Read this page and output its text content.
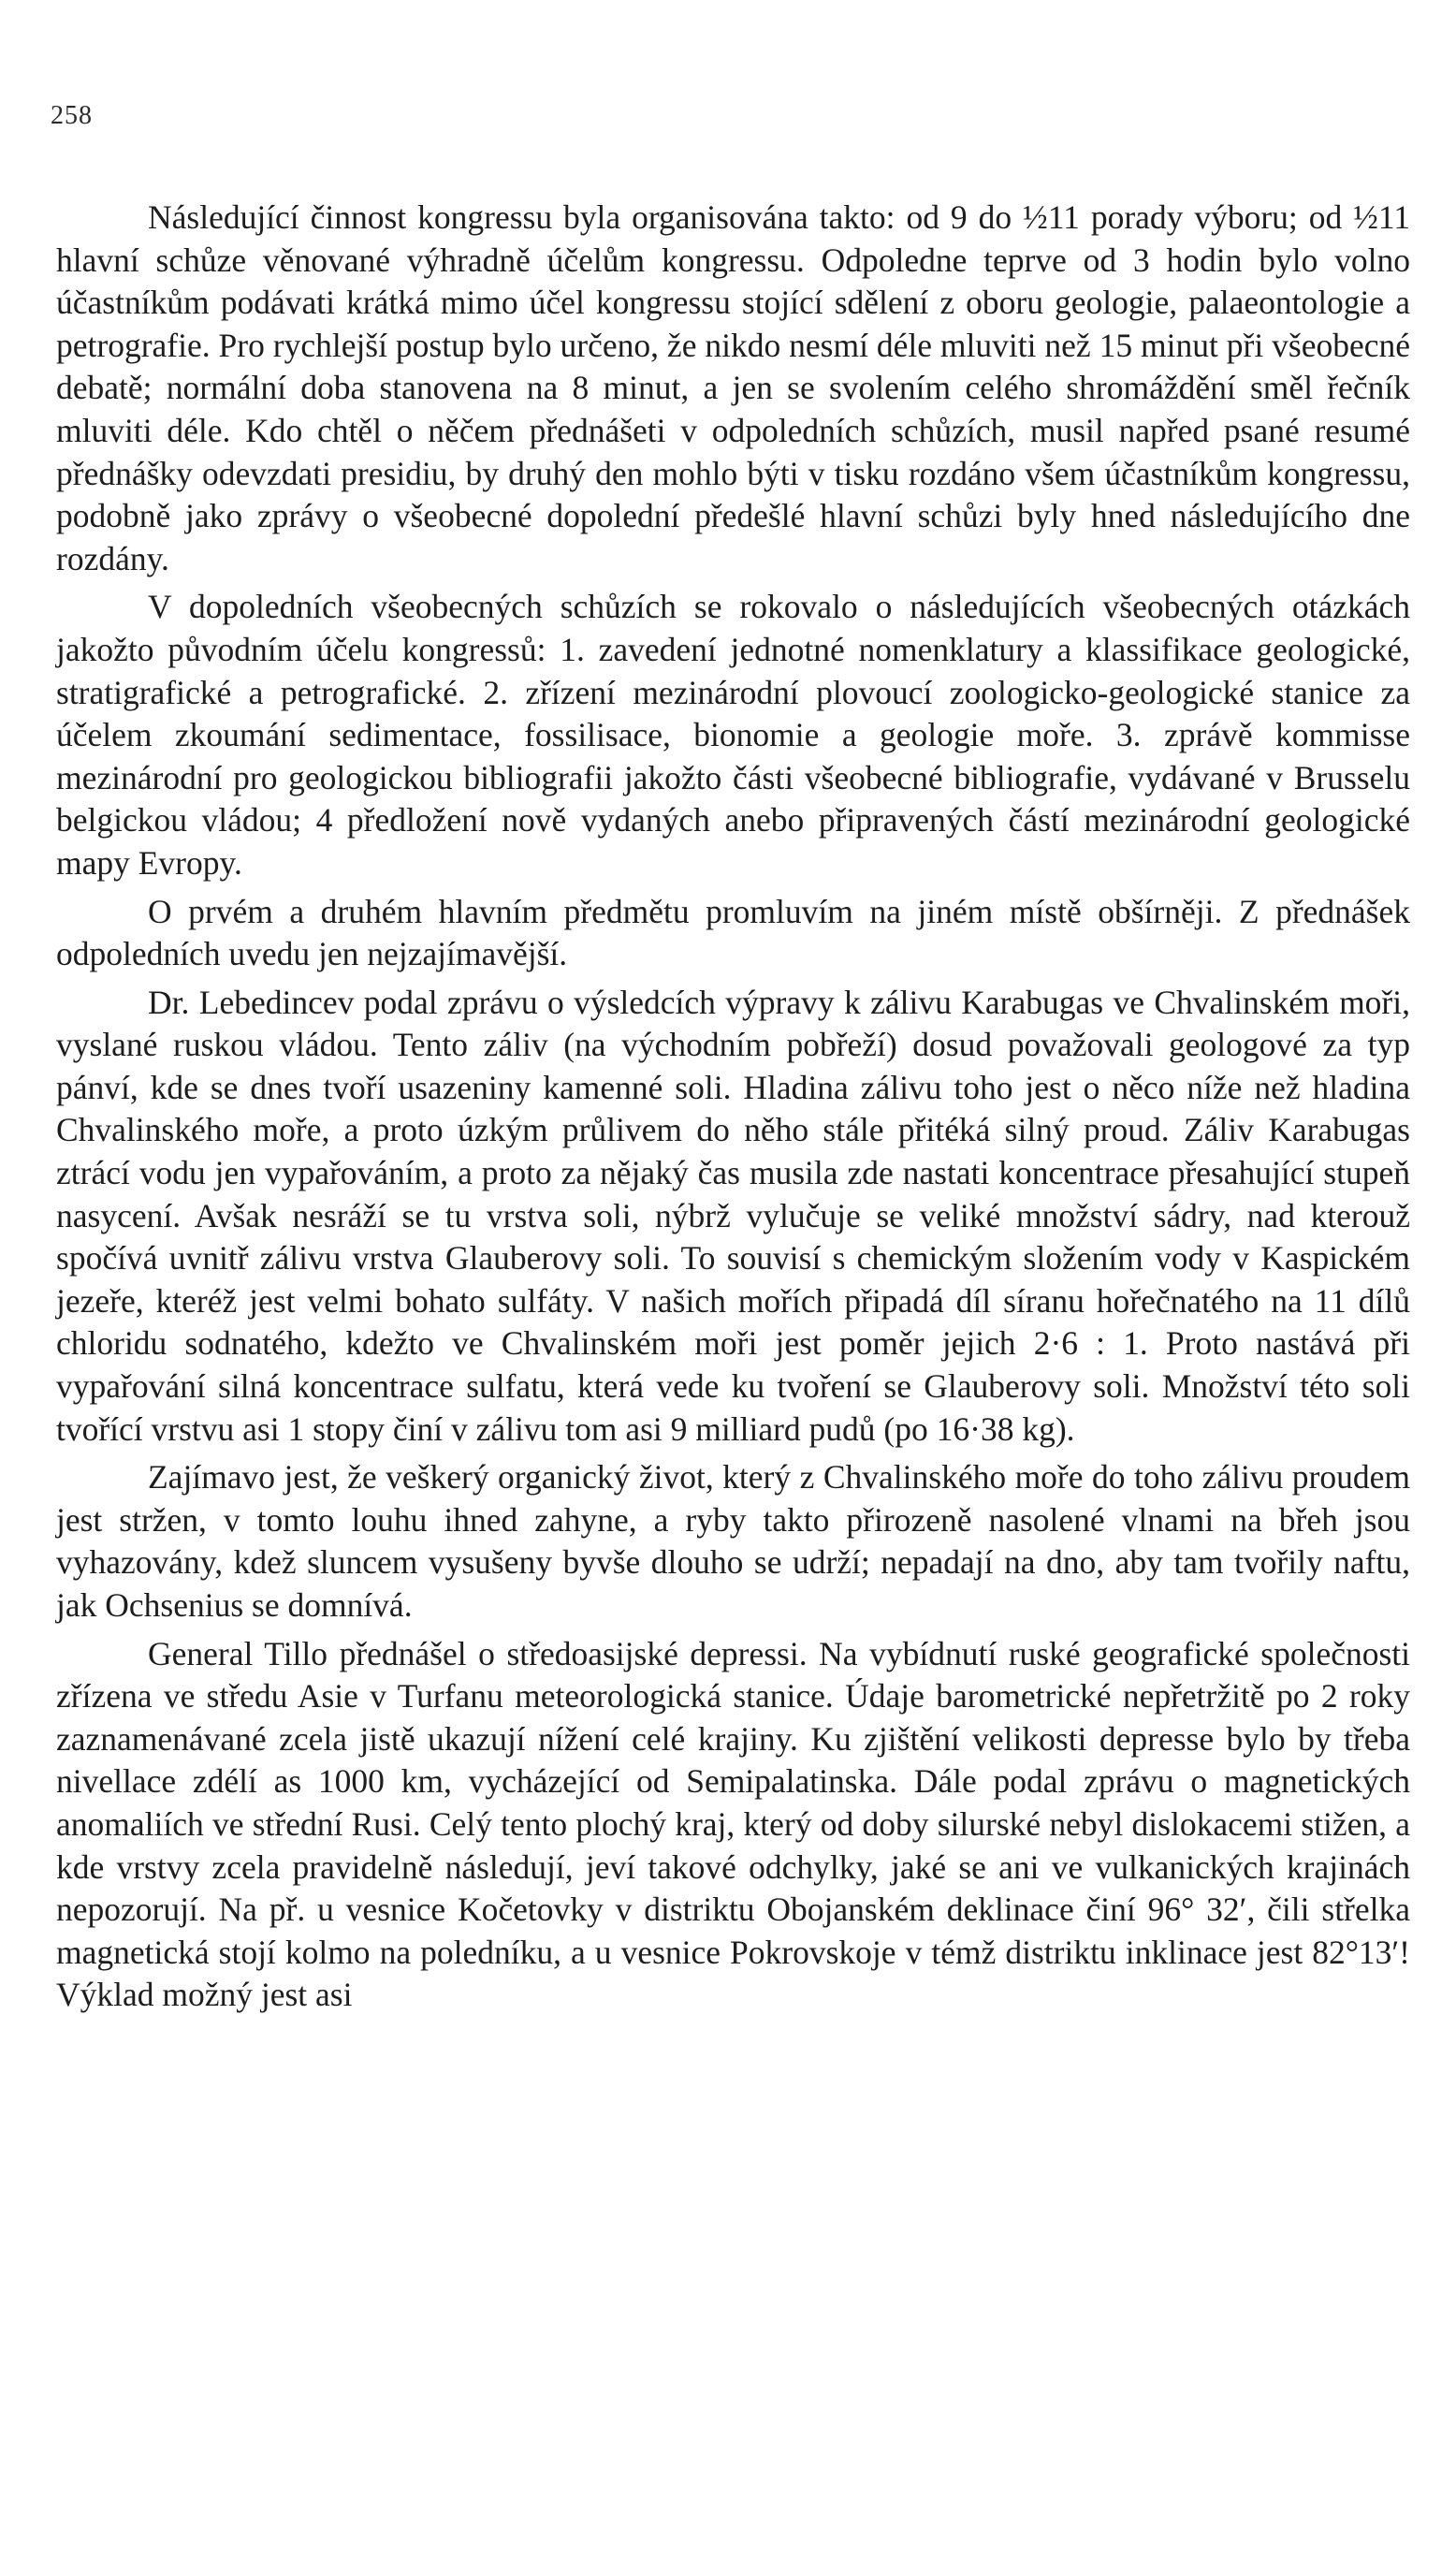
258

Následující činnost kongressu byla organisována takto: od 9 do ½11 porady výboru; od ½11 hlavní schůze věnované výhradně účelům kongressu. Odpoledne teprve od 3 hodin bylo volno účastníkům podávati krátká mimo účel kongressu stojící sdělení z oboru geologie, palaeontologie a petrografie. Pro rychlejší postup bylo určeno, že nikdo nesmí déle mluviti než 15 minut při všeobecné debatě; normální doba stanovena na 8 minut, a jen se svolením celého shromáždění směl řečník mluviti déle. Kdo chtěl o něčem přednášeti v odpoledních schůzích, musil napřed psané resumé přednášky odevzdati presidiu, by druhý den mohlo býti v tisku rozdáno všem účastníkům kongressu, podobně jako zprávy o všeobecné dopolední předešlé hlavní schůzi byly hned následujícího dne rozdány.

V dopoledních všeobecných schůzích se rokovalo o následujících všeobecných otázkách jakožto původním účelu kongressů: 1. zavedení jednotné nomenklatury a klassifikace geologické, stratigrafické a petrografické. 2. zřízení mezinárodní plovoucí zoologicko-geologické stanice za účelem zkoumání sedimentace, fossilisace, bionomie a geologie moře. 3. zprávě kommisse mezinárodní pro geologickou bibliografii jakožto části všeobecné bibliografie, vydávané v Brusselu belgickou vládou; 4 předložení nově vydaných anebo připravených částí mezinárodní geologické mapy Evropy.

O prvém a druhém hlavním předmětu promluvím na jiném místě obšírněji. Z přednášek odpoledních uvedu jen nejzajímavější.

Dr. Lebedincev podal zprávu o výsledcích výpravy k zálivu Karabugas ve Chvalinském moři, vyslané ruskou vládou. Tento záliv (na východním pobřeží) dosud považovali geologové za typ pánví, kde se dnes tvoří usazeniny kamenné soli. Hladina zálivu toho jest o něco níže než hladina Chvalinského moře, a proto úzkým průlivem do něho stále přitéká silný proud. Záliv Karabugas ztrácí vodu jen vypařováním, a proto za nějaký čas musila zde nastati koncentrace přesahující stupeň nasycení. Avšak nesráží se tu vrstva soli, nýbrž vylučuje se veliké množství sádry, nad kterouž spočívá uvnitř zálivu vrstva Glauberovy soli. To souvisí s chemickým složením vody v Kaspickém jezeře, kteréž jest velmi bohato sulfáty. V našich mořích připadá díl síranu hořečnatého na 11 dílů chloridu sodnatého, kdežto ve Chvalinském moři jest poměr jejich 2·6 : 1. Proto nastává při vypařování silná koncentrace sulfatu, která vede ku tvoření se Glauberovy soli. Množství této soli tvořící vrstvu asi 1 stopy činí v zálivu tom asi 9 milliard pudů (po 16·38 kg).

Zajímavo jest, že veškerý organický život, který z Chvalinského moře do toho zálivu proudem jest stržen, v tomto louhu ihned zahyne, a ryby takto přirozeně nasolené vlnami na břeh jsou vyhazovány, kdež sluncem vysušeny byvše dlouho se udrží; nepadají na dno, aby tam tvořily naftu, jak Ochsenius se domnívá.

General Tillo přednášel o středoasijské depressi. Na vybídnutí ruské geografické společnosti zřízena ve středu Asie v Turfanu meteorologická stanice. Údaje barometrické nepřetržitě po 2 roky zaznamenávané zcela jistě ukazují nížení celé krajiny. Ku zjištění velikosti depresse bylo by třeba nivellace zdélí as 1000 km, vycházející od Semipalatinska. Dále podal zprávu o magnetických anomaliích ve střední Rusi. Celý tento plochý kraj, který od doby silurské nebyl dislokacemi stižen, a kde vrstvy zcela pravidelně následují, jeví takové odchylky, jaké se ani ve vulkanických krajinách nepozorují. Na př. u vesnice Kočetovky v distriktu Obojanském deklinace činí 96° 32′, čili střelka magnetická stojí kolmo na poledníku, a u vesnice Pokrovskoje v témž distriktu inklinace jest 82°13′! Výklad možný jest asi
